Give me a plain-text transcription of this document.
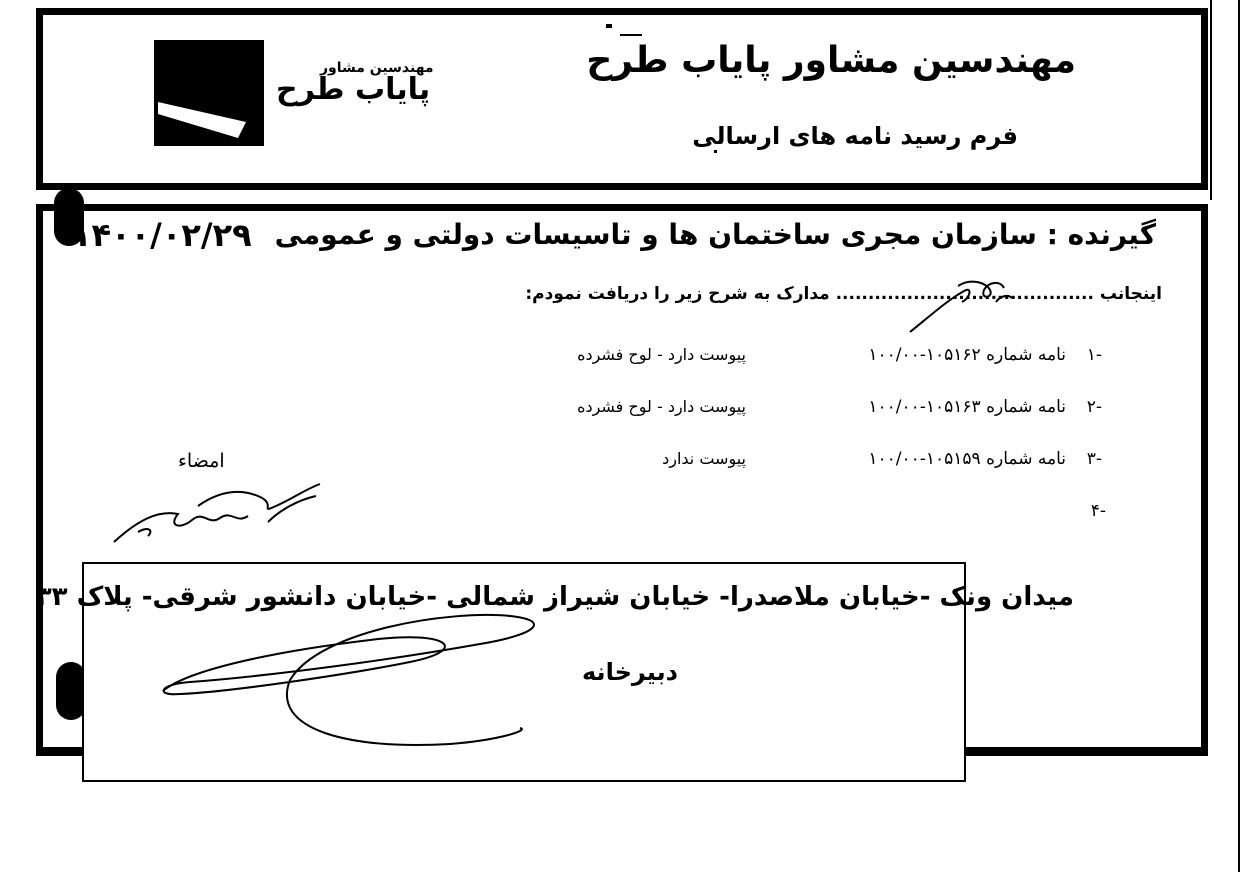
مهندسین مشاور پایاب طرح
فرم رسید نامه های ارسالی
مهندسین مشاور
پایاب طرح
گیرنده : سازمان مجری ساختمان ها و تاسیسات دولتی و عمومی
۱۴۰۰/۰۲/۲۹
اینجانب ........................................ مدارک به شرح زیر را دریافت نمودم:
-۱
نامه شماره ۱۰۵۱۶۲-۱۰۰/۰۰
پیوست دارد - لوح فشرده
-۲
نامه شماره ۱۰۵۱۶۳-۱۰۰/۰۰
پیوست دارد - لوح فشرده
-۳
نامه شماره ۱۰۵۱۵۹-۱۰۰/۰۰
پیوست ندارد
-۴
امضاء
میدان ونک -خیابان ملاصدرا- خیابان شیراز شمالی -خیابان دانشور شرقی- پلاک ۳۳
دبیرخانه
